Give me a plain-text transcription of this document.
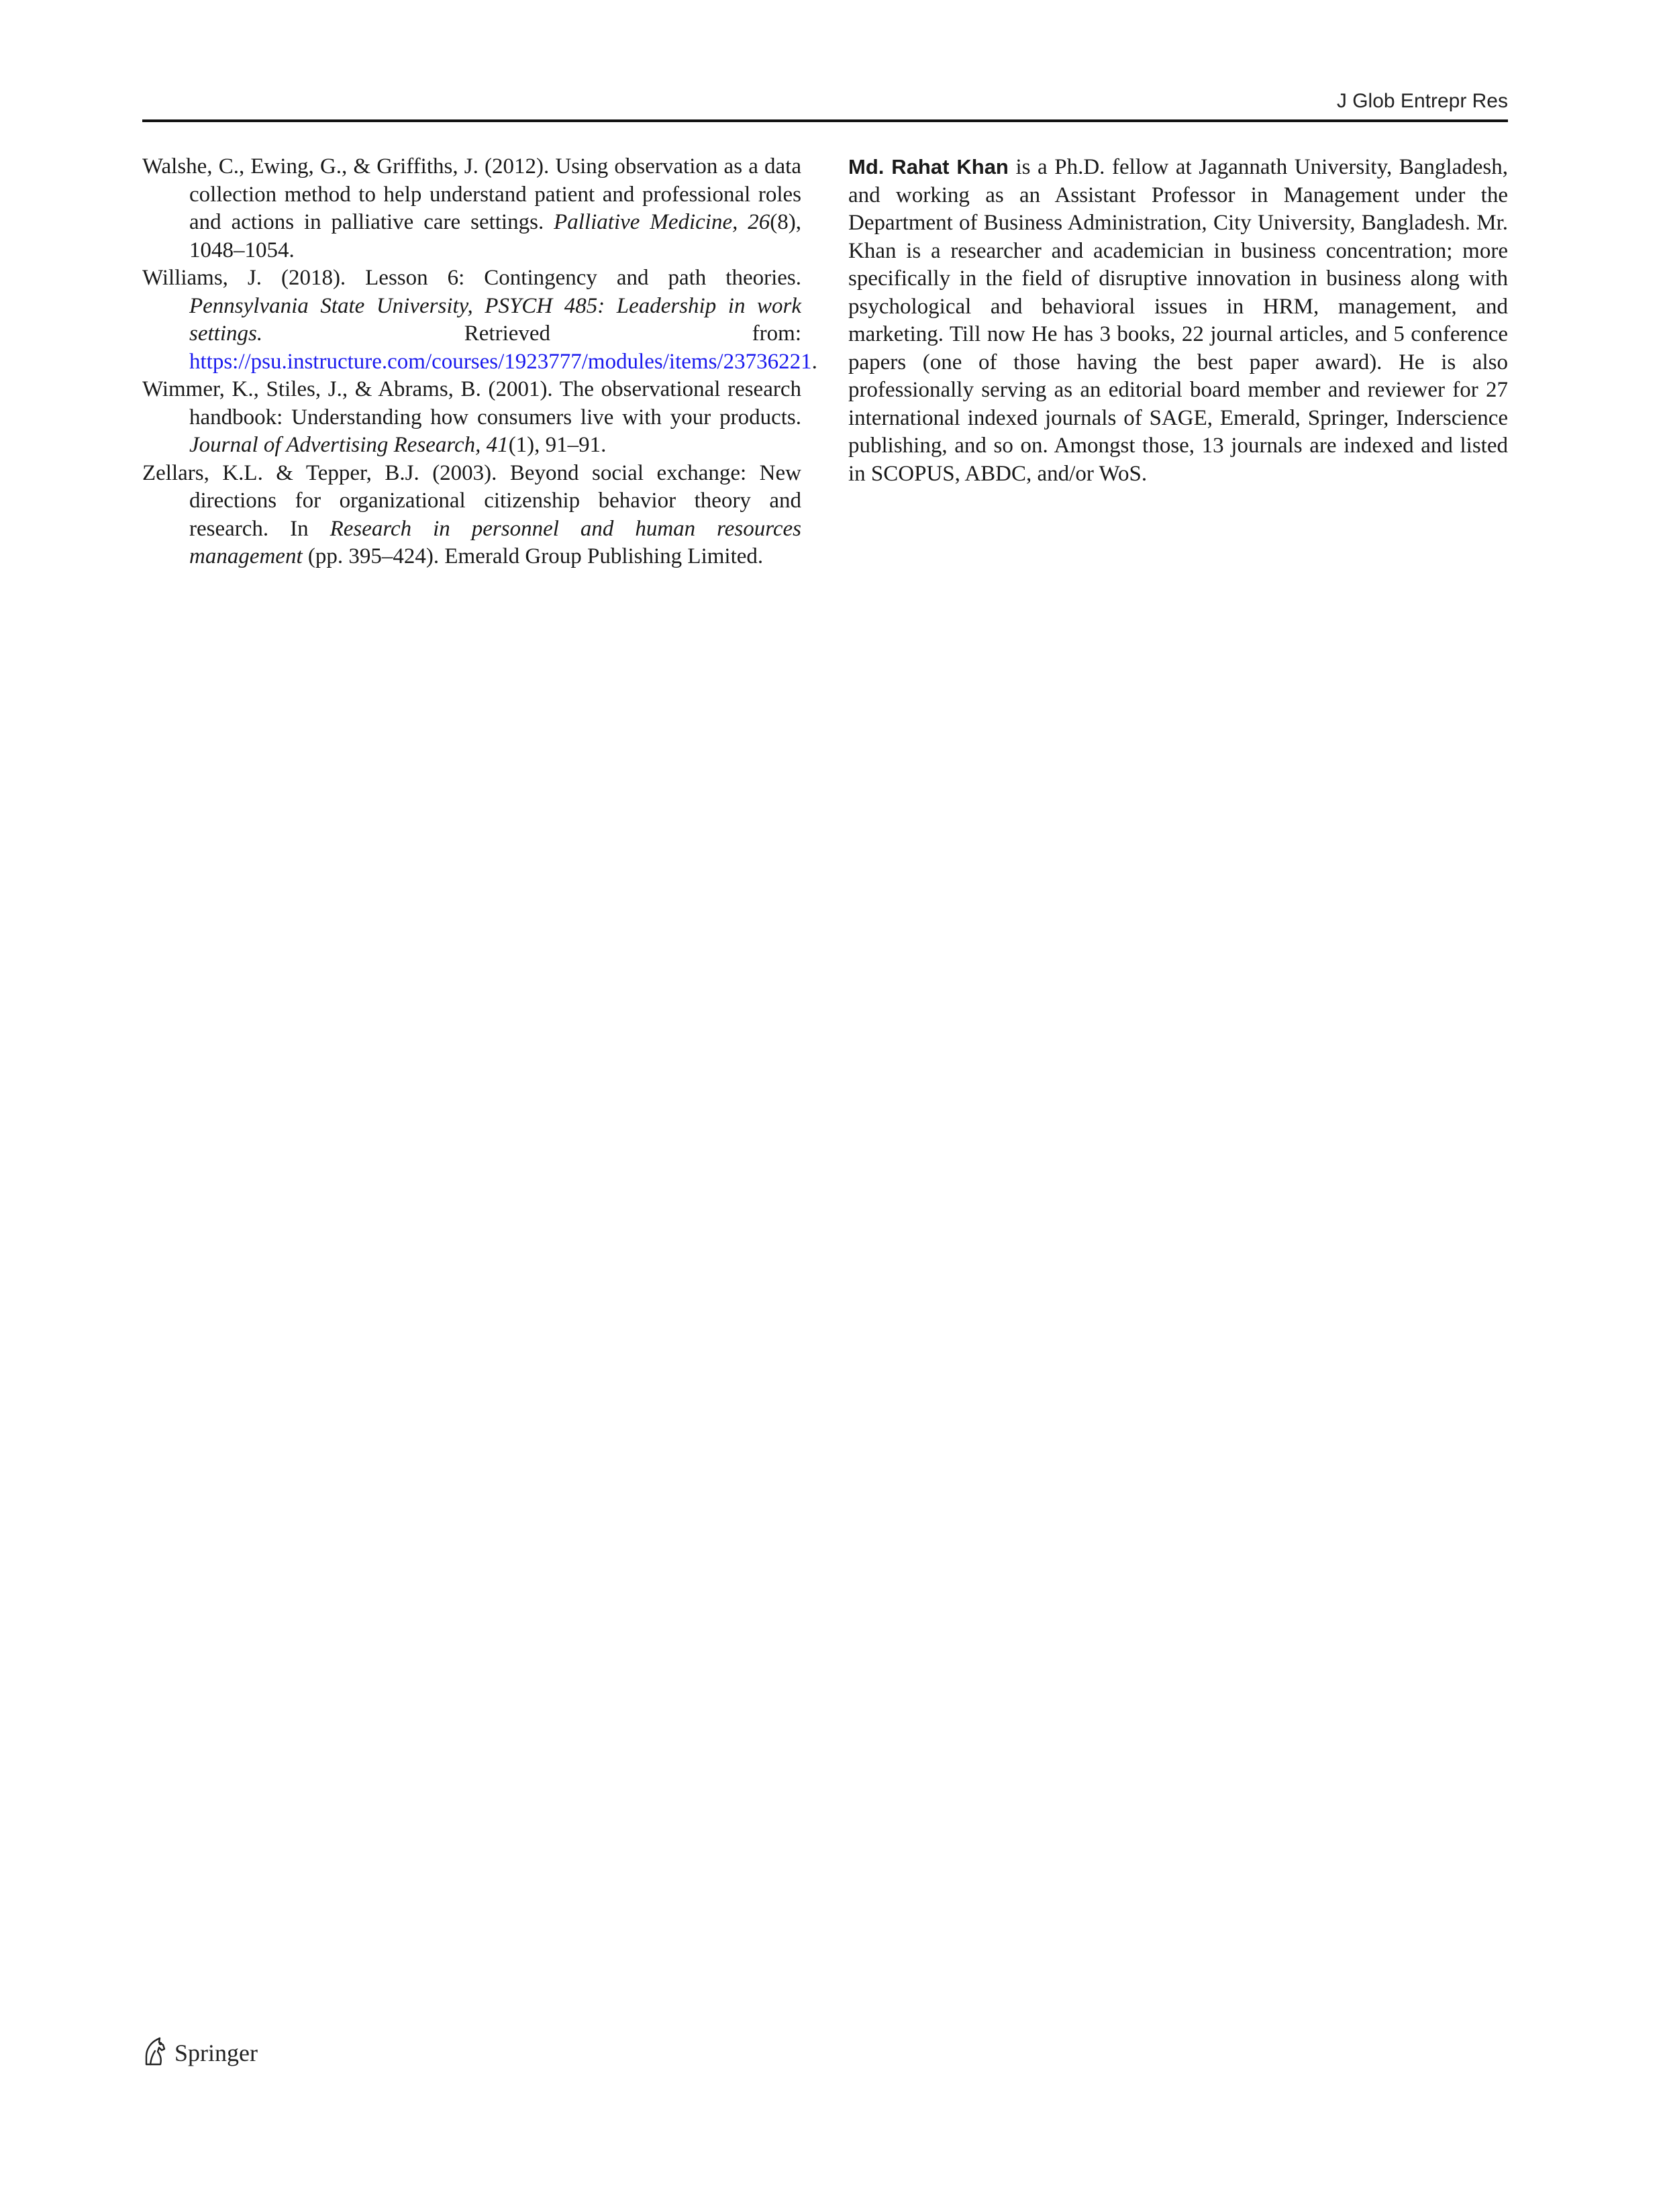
J Glob Entrepr Res

Walshe, C., Ewing, G., & Griffiths, J. (2012). Using observation as a data collection method to help understand patient and professional roles and actions in palliative care settings. Palliative Medicine, 26(8), 1048–1054.

Williams, J. (2018). Lesson 6: Contingency and path theories. Pennsylvania State University, PSYCH 485: Leadership in work settings. Retrieved from: https://psu.instructure.com/courses/1923777/modules/items/23736221.

Wimmer, K., Stiles, J., & Abrams, B. (2001). The observational research handbook: Understanding how consumers live with your products. Journal of Advertising Research, 41(1), 91–91.

Zellars, K.L. & Tepper, B.J. (2003). Beyond social exchange: New directions for organizational citizenship behavior theory and research. In Research in personnel and human resources management (pp. 395–424). Emerald Group Publishing Limited.

Md. Rahat Khan is a Ph.D. fellow at Jagannath University, Bangladesh, and working as an Assistant Professor in Management under the Department of Business Administration, City University, Bangladesh. Mr. Khan is a researcher and academician in business concentration; more specifically in the field of disruptive innovation in business along with psychological and behavioral issues in HRM, management, and marketing. Till now He has 3 books, 22 journal articles, and 5 conference papers (one of those having the best paper award). He is also professionally serving as an editorial board member and reviewer for 27 international indexed journals of SAGE, Emerald, Springer, Inderscience publishing, and so on. Amongst those, 13 journals are indexed and listed in SCOPUS, ABDC, and/or WoS.

Springer
